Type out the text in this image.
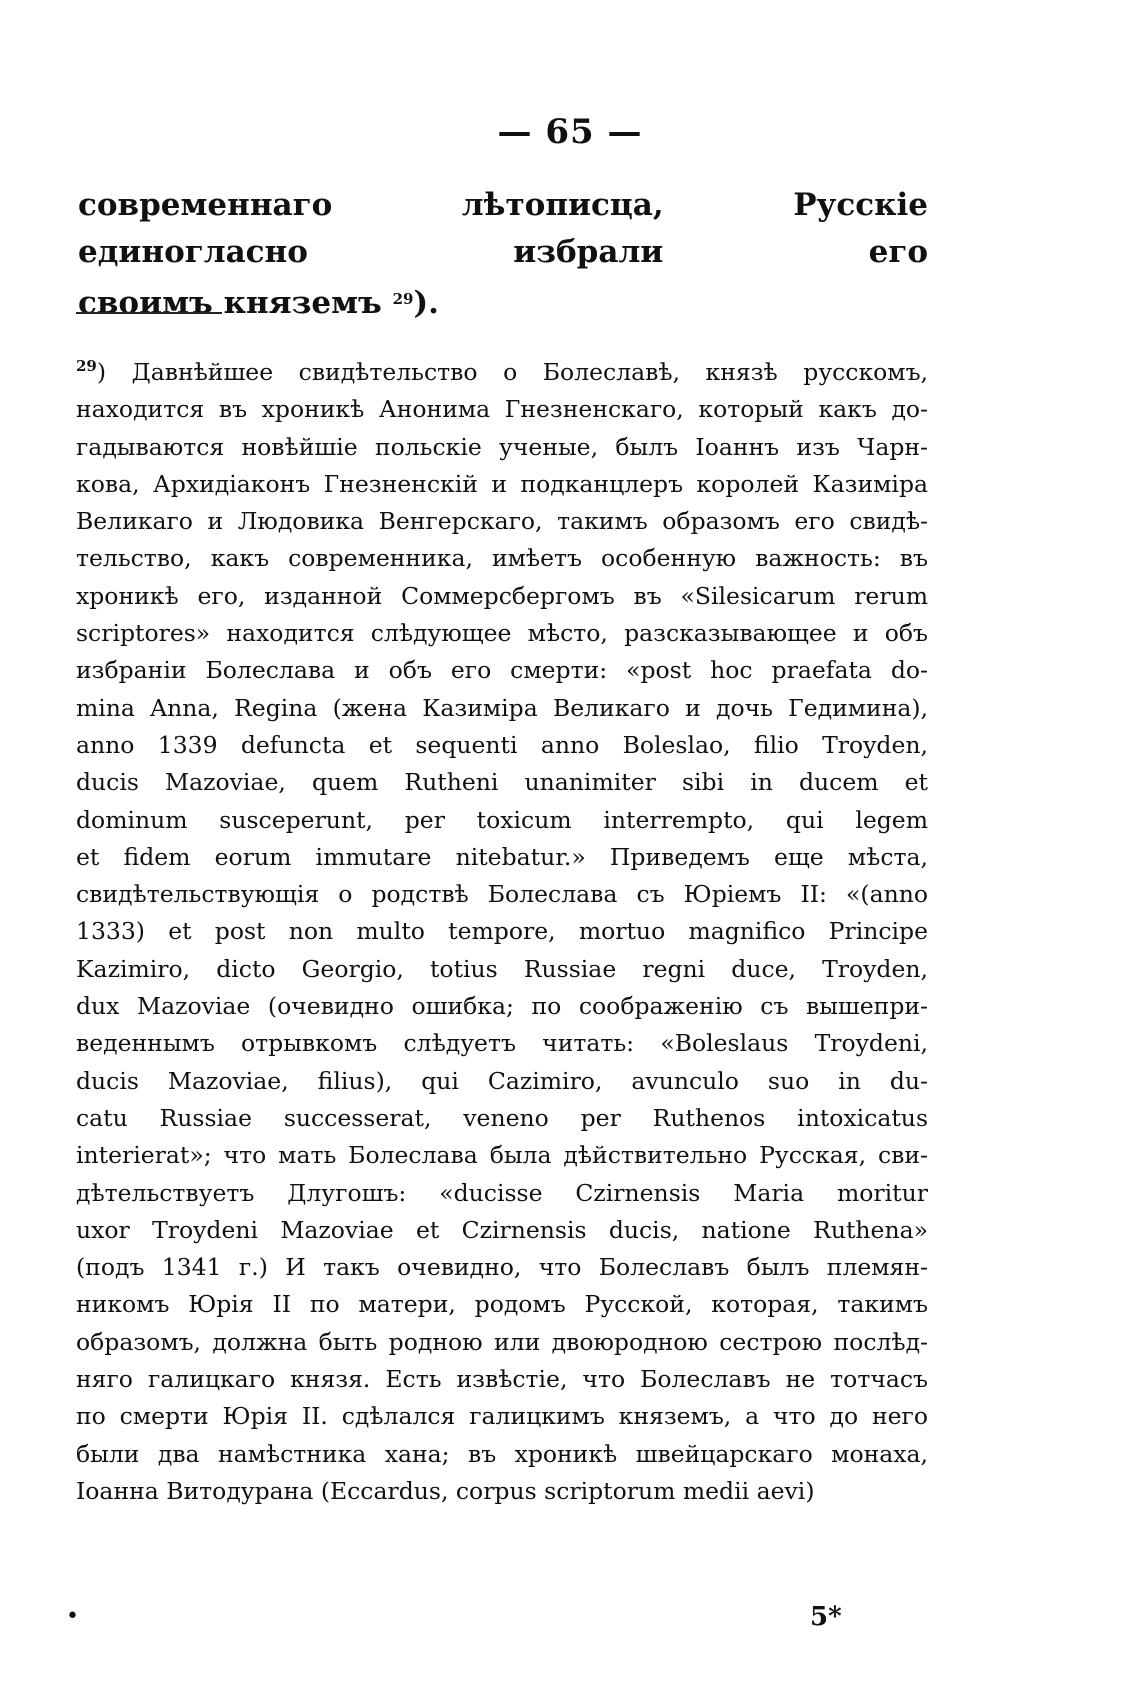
— 65 —
современнаго лѣтописца, Русскіе единогласно избрали его
своимъ княземъ $^{29}$).
$^{29}$) Давнѣйшее свидѣтельство о Болеславѣ, князѣ русскомъ,
находится въ хроникѣ Анонима Гнезненскаго, который какъ до-
гадываются новѣйшіе польскіе ученые, былъ Іоаннъ изъ Чарн-
кова, Архидіаконъ Гнезненскій и подканцлеръ королей Казиміра
Великаго и Людовика Венгерскаго, такимъ образомъ его свидѣ-
тельство, какъ современника, имѣетъ особенную важность: въ
хроникѣ его, изданной Соммерсбергомъ въ «Silesicarum rerum
scriptores» находится слѣдующее мѣсто, разсказывающее и объ
избраніи Болеслава и объ его смерти: «post hoc praefata do-
mina Anna, Regina (жена Казиміра Великаго и дочь Гедимина),
anno 1339 defuncta et sequenti anno Boleslao, filio Troyden,
ducis Mazoviae, quem Rutheni unanimiter sibi in ducem et
dominum susceperunt, per toxicum interrempto, qui legem
et fidem eorum immutare nitebatur.» Приведемъ еще мѣста,
свидѣтельствующія о родствѣ Болеслава съ Юріемъ II: «(anno
1333) et post non multo tempore, mortuo magnifico Principe
Kazimiro, dicto Georgio, totius Russiae regni duce, Troyden,
dux Mazoviae (очевидно ошибка; по соображенію съ вышепри-
веденнымъ отрывкомъ слѣдуетъ читать: «Boleslaus Troydeni,
ducis Mazoviae, filius), qui Cazimiro, avunculo suo in du-
catu Russiae successerat, veneno per Ruthenos intoxicatus
interierat»; что мать Болеслава была дѣйствительно Русская, сви-
дѣтельствуетъ Длугошъ: «ducisse Czirnensis Maria moritur
uxor Troydeni Mazoviae et Czirnensis ducis, natione Ruthena»
(подъ 1341 г.) И такъ очевидно, что Болеславъ былъ племян-
никомъ Юрія II по матери, родомъ Русской, которая, такимъ
образомъ, должна быть родною или двоюродною сестрою послѣд-
няго галицкаго князя. Есть извѣстіе, что Болеславъ не тотчасъ
по смерти Юрія II. сдѣлался галицкимъ княземъ, а что до него
были два намѣстника хана; въ хроникѣ швейцарскаго монаха,
Іоанна Витодурана (Eccardus, corpus scriptorum medii aevi)
•	5*
